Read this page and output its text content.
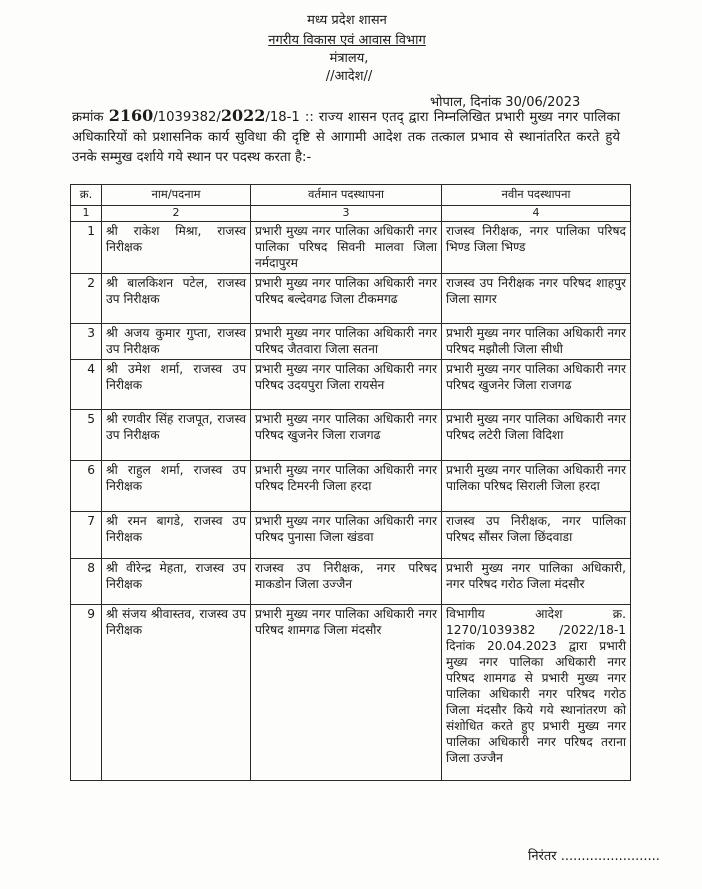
मध्य प्रदेश शासन
नगरीय विकास एवं आवास विभाग
मंत्रालय,
//आदेश//
भोपाल, दिनांक 30/06/2023
क्रमांक 2160/1039382/2022/18-1 :: राज्य शासन एतद् द्वारा निम्नलिखित प्रभारी मुख्य नगर पालिका अधिकारियों को प्रशासनिक कार्य सुविधा की दृष्टि से आगामी आदेश तक तत्काल प्रभाव से स्थानांतरित करते हुये उनके सम्मुख दर्शाये गये स्थान पर पदस्थ करता है:-
क्र.	नाम/पदनाम	वर्तमान पदस्थापना	नवीन पदस्थापना
1	2	3	4
1	श्री राकेश मिश्रा, राजस्व निरीक्षक	प्रभारी मुख्य नगर पालिका अधिकारी नगर पालिका परिषद सिवनी मालवा जिला नर्मदापुरम	राजस्व निरीक्षक, नगर पालिका परिषद भिण्ड जिला भिण्ड
2	श्री बालकिशन पटेल, राजस्व उप निरीक्षक	प्रभारी मुख्य नगर पालिका अधिकारी नगर परिषद बल्देवगढ जिला टीकमगढ	राजस्व उप निरीक्षक नगर परिषद शाहपुर जिला सागर
3	श्री अजय कुमार गुप्ता, राजस्व उप निरीक्षक	प्रभारी मुख्य नगर पालिका अधिकारी नगर परिषद जैतवारा जिला सतना	प्रभारी मुख्य नगर पालिका अधिकारी नगर परिषद मझौली जिला सीधी
4	श्री उमेश शर्मा, राजस्व उप निरीक्षक	प्रभारी मुख्य नगर पालिका अधिकारी नगर परिषद उदयपुरा जिला रायसेन	प्रभारी मुख्य नगर पालिका अधिकारी नगर परिषद खुजनेर जिला राजगढ
5	श्री रणवीर सिंह राजपूत, राजस्व उप निरीक्षक	प्रभारी मुख्य नगर पालिका अधिकारी नगर परिषद खुजनेर जिला राजगढ	प्रभारी मुख्य नगर पालिका अधिकारी नगर परिषद लटेरी जिला विदिशा
6	श्री राहुल शर्मा, राजस्व उप निरीक्षक	प्रभारी मुख्य नगर पालिका अधिकारी नगर परिषद टिमरनी जिला हरदा	प्रभारी मुख्य नगर पालिका अधिकारी नगर पालिका परिषद सिराली जिला हरदा
7	श्री रमन बागडे, राजस्व उप निरीक्षक	प्रभारी मुख्य नगर पालिका अधिकारी नगर परिषद पुनासा जिला खंडवा	राजस्व उप निरीक्षक, नगर पालिका परिषद सौंसर जिला छिंदवाडा
8	श्री वीरेन्द्र मेहता, राजस्व उप निरीक्षक	राजस्व उप निरीक्षक, नगर परिषद माकडोन जिला उज्जैन	प्रभारी मुख्य नगर पालिका अधिकारी, नगर परिषद गरोठ जिला मंदसौर
9	श्री संजय श्रीवास्तव, राजस्व उप निरीक्षक	प्रभारी मुख्य नगर पालिका अधिकारी नगर परिषद शामगढ जिला मंदसौर	विभागीय आदेश क्र. 1270/1039382 /2022/18-1 दिनांक 20.04.2023 द्वारा प्रभारी मुख्य नगर पालिका अधिकारी नगर परिषद शामगढ से प्रभारी मुख्य नगर पालिका अधिकारी नगर परिषद गरोठ जिला मंदसौर किये गये स्थानांतरण को संशोधित करते हुए प्रभारी मुख्य नगर पालिका अधिकारी नगर परिषद तराना जिला उज्जैन
निरंतर ........................
